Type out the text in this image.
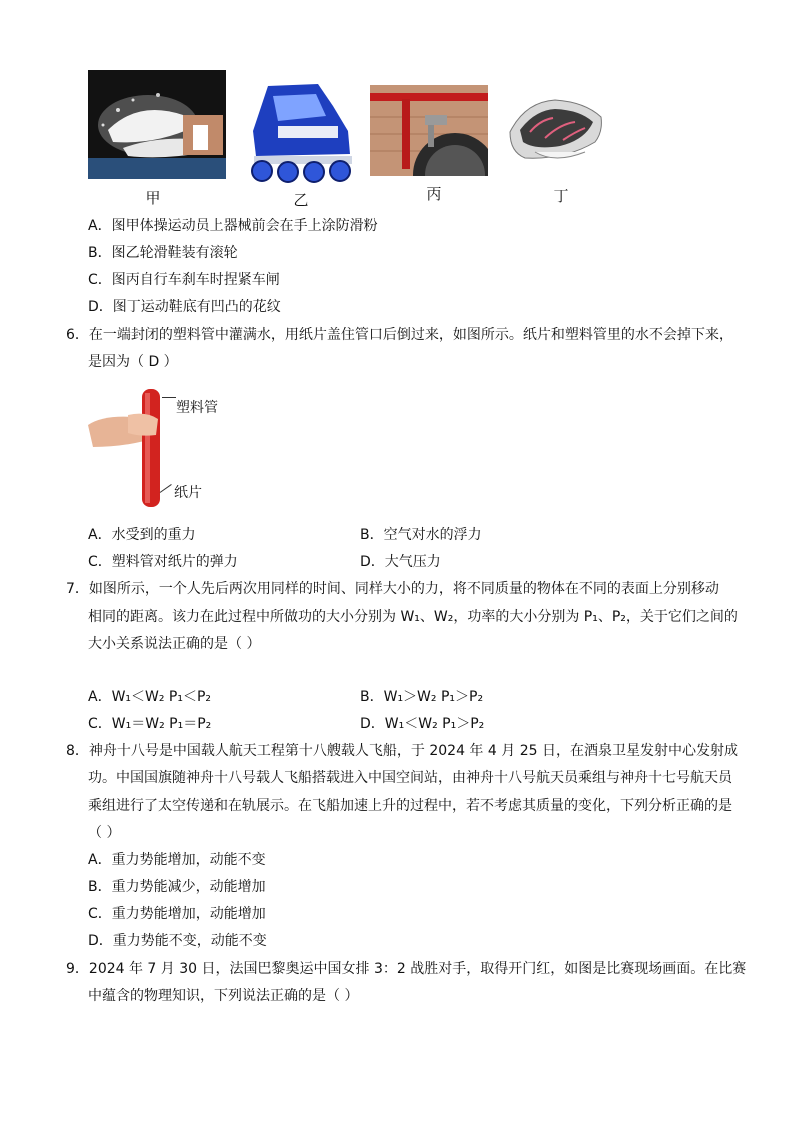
甲	乙	丙	丁
A．图甲体操运动员上器械前会在手上涂防滑粉
B．图乙轮滑鞋装有滚轮
C．图丙自行车刹车时捏紧车闸
D．图丁运动鞋底有凹凸的花纹
6．在一端封闭的塑料管中灌满水，用纸片盖住管口后倒过来，如图所示。纸片和塑料管里的水不会掉下来，
是因为（ D ）
塑料管
纸片
A．水受到的重力	B．空气对水的浮力
C．塑料管对纸片的弹力	D．大气压力
7．如图所示，一个人先后两次用同样的时间、同样大小的力，将不同质量的物体在不同的表面上分别移动
相同的距离。该力在此过程中所做功的大小分别为 W₁、W₂，功率的大小分别为 P₁、P₂，关于它们之间的
大小关系说法正确的是（ ）
A．W₁＜W₂ P₁＜P₂	B．W₁＞W₂ P₁＞P₂
C．W₁＝W₂ P₁＝P₂	D．W₁＜W₂ P₁＞P₂
8．神舟十八号是中国载人航天工程第十八艘载人飞船，于 2024 年 4 月 25 日，在酒泉卫星发射中心发射成
功。中国国旗随神舟十八号载人飞船搭载进入中国空间站，由神舟十八号航天员乘组与神舟十七号航天员
乘组进行了太空传递和在轨展示。在飞船加速上升的过程中，若不考虑其质量的变化，下列分析正确的是
（ ）
A．重力势能增加，动能不变
B．重力势能减少，动能增加
C．重力势能增加，动能增加
D．重力势能不变，动能不变
9．2024 年 7 月 30 日，法国巴黎奥运中国女排 3：2 战胜对手，取得开门红，如图是比赛现场画面。在比赛
中蕴含的物理知识，下列说法正确的是（ ）
